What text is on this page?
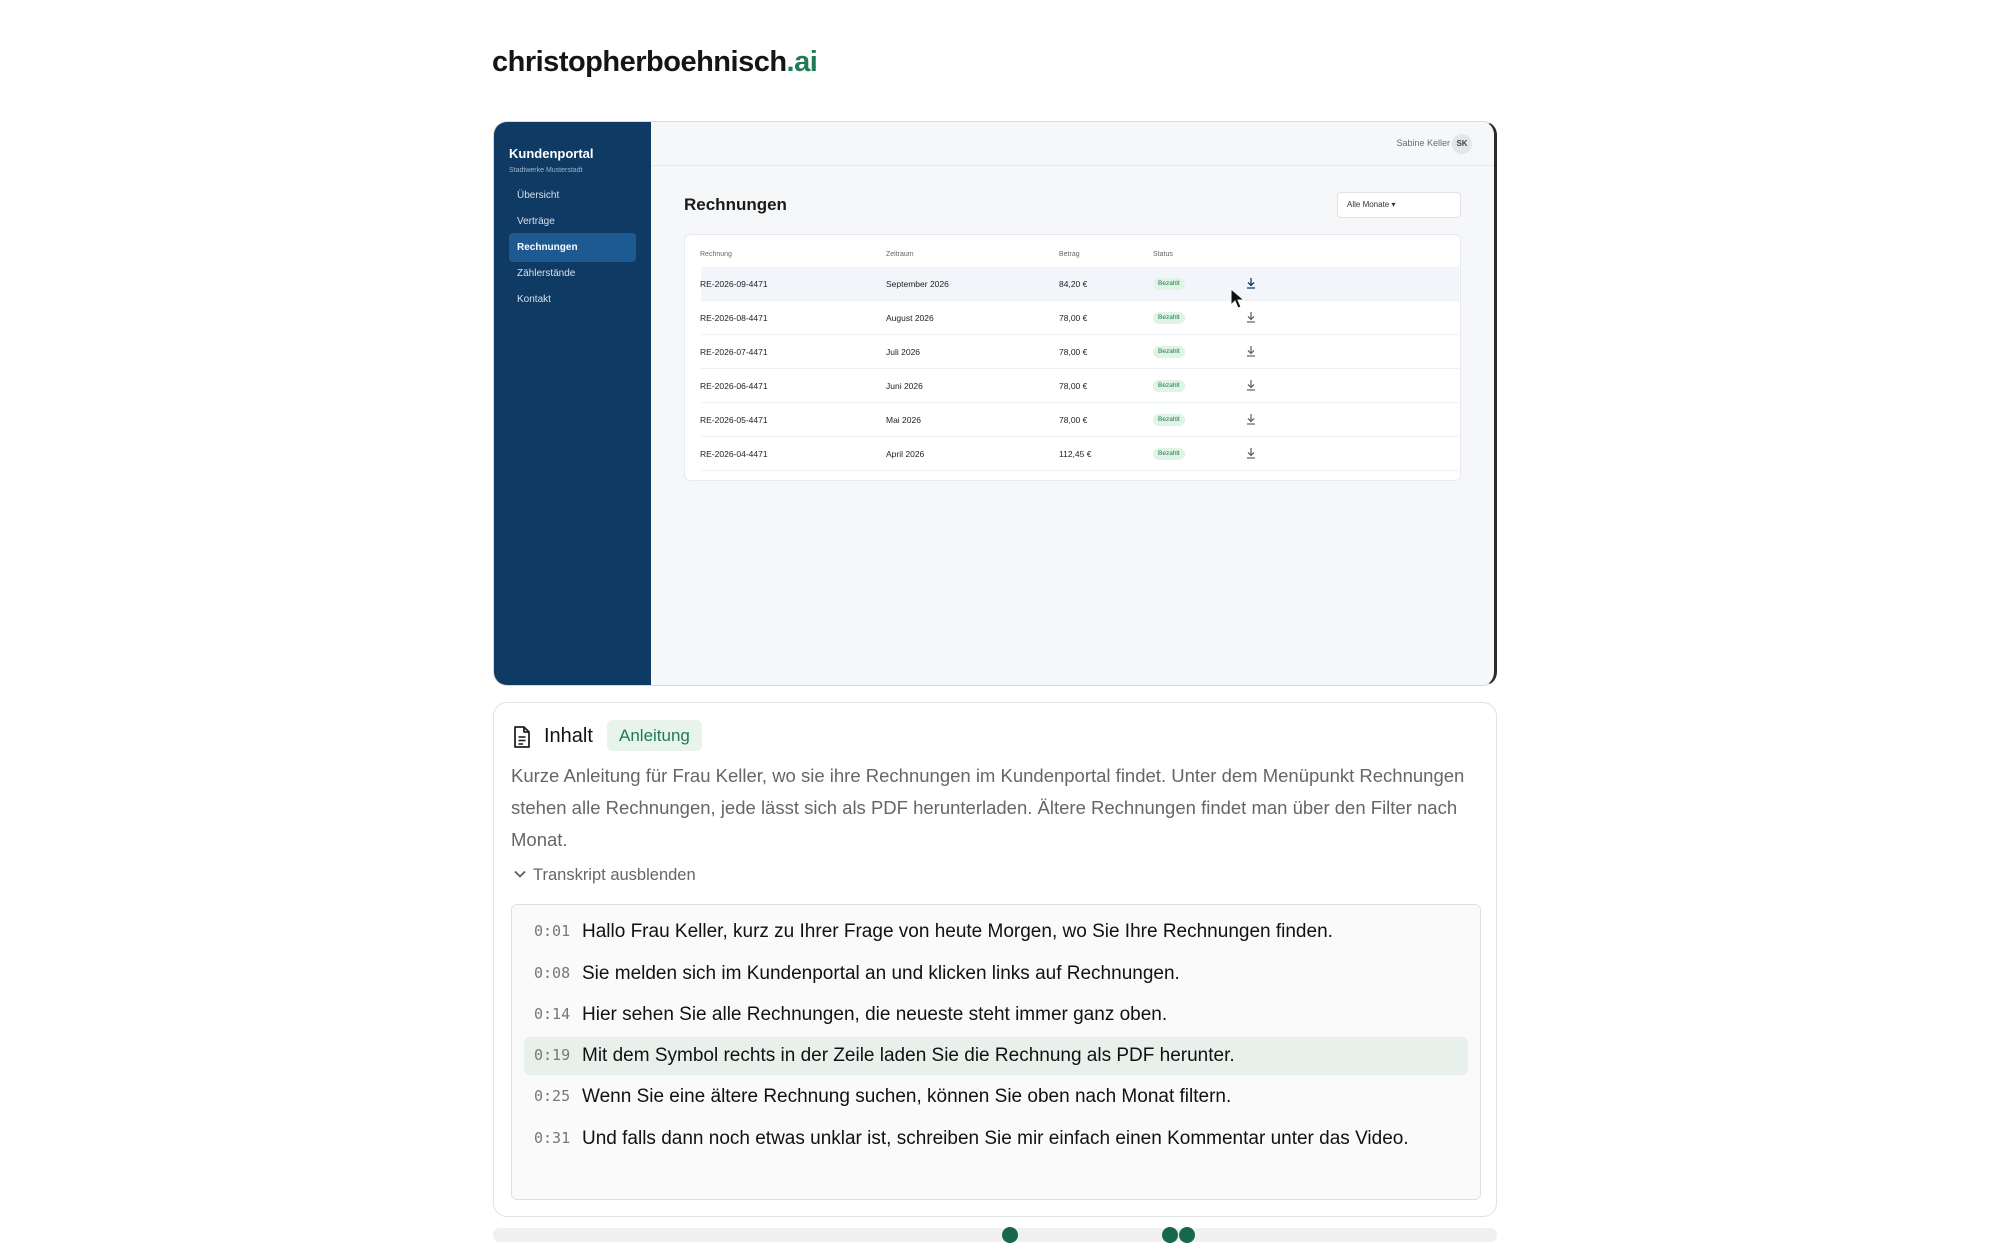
christopherboehnisch.ai
Kundenportal
Stadtwerke Musterstadt
Übersicht
Verträge
Rechnungen
Zählerstände
Kontakt
Sabine Keller SK
Rechnungen	Alle Monate ▾
Rechnung	Zeitraum	Betrag	Status
RE-2026-09-4471	September 2026	84,20 €	Bezahlt
RE-2026-08-4471	August 2026	78,00 €	Bezahlt
RE-2026-07-4471	Juli 2026	78,00 €	Bezahlt
RE-2026-06-4471	Juni 2026	78,00 €	Bezahlt
RE-2026-05-4471	Mai 2026	78,00 €	Bezahlt
RE-2026-04-4471	April 2026	112,45 €	Bezahlt
Inhalt	Anleitung

Kurze Anleitung für Frau Keller, wo sie ihre Rechnungen im Kundenportal findet. Unter dem Menüpunkt Rechnungen stehen alle Rechnungen, jede lässt sich als PDF herunterladen. Ältere Rechnungen findet man über den Filter nach Monat.

Transkript ausblenden
0:01 Hallo Frau Keller, kurz zu Ihrer Frage von heute Morgen, wo Sie Ihre Rechnungen finden.
0:08 Sie melden sich im Kundenportal an und klicken links auf Rechnungen.
0:14 Hier sehen Sie alle Rechnungen, die neueste steht immer ganz oben.
0:19 Mit dem Symbol rechts in der Zeile laden Sie die Rechnung als PDF herunter.
0:25 Wenn Sie eine ältere Rechnung suchen, können Sie oben nach Monat filtern.
0:31 Und falls dann noch etwas unklar ist, schreiben Sie mir einfach einen Kommentar unter das Video.
